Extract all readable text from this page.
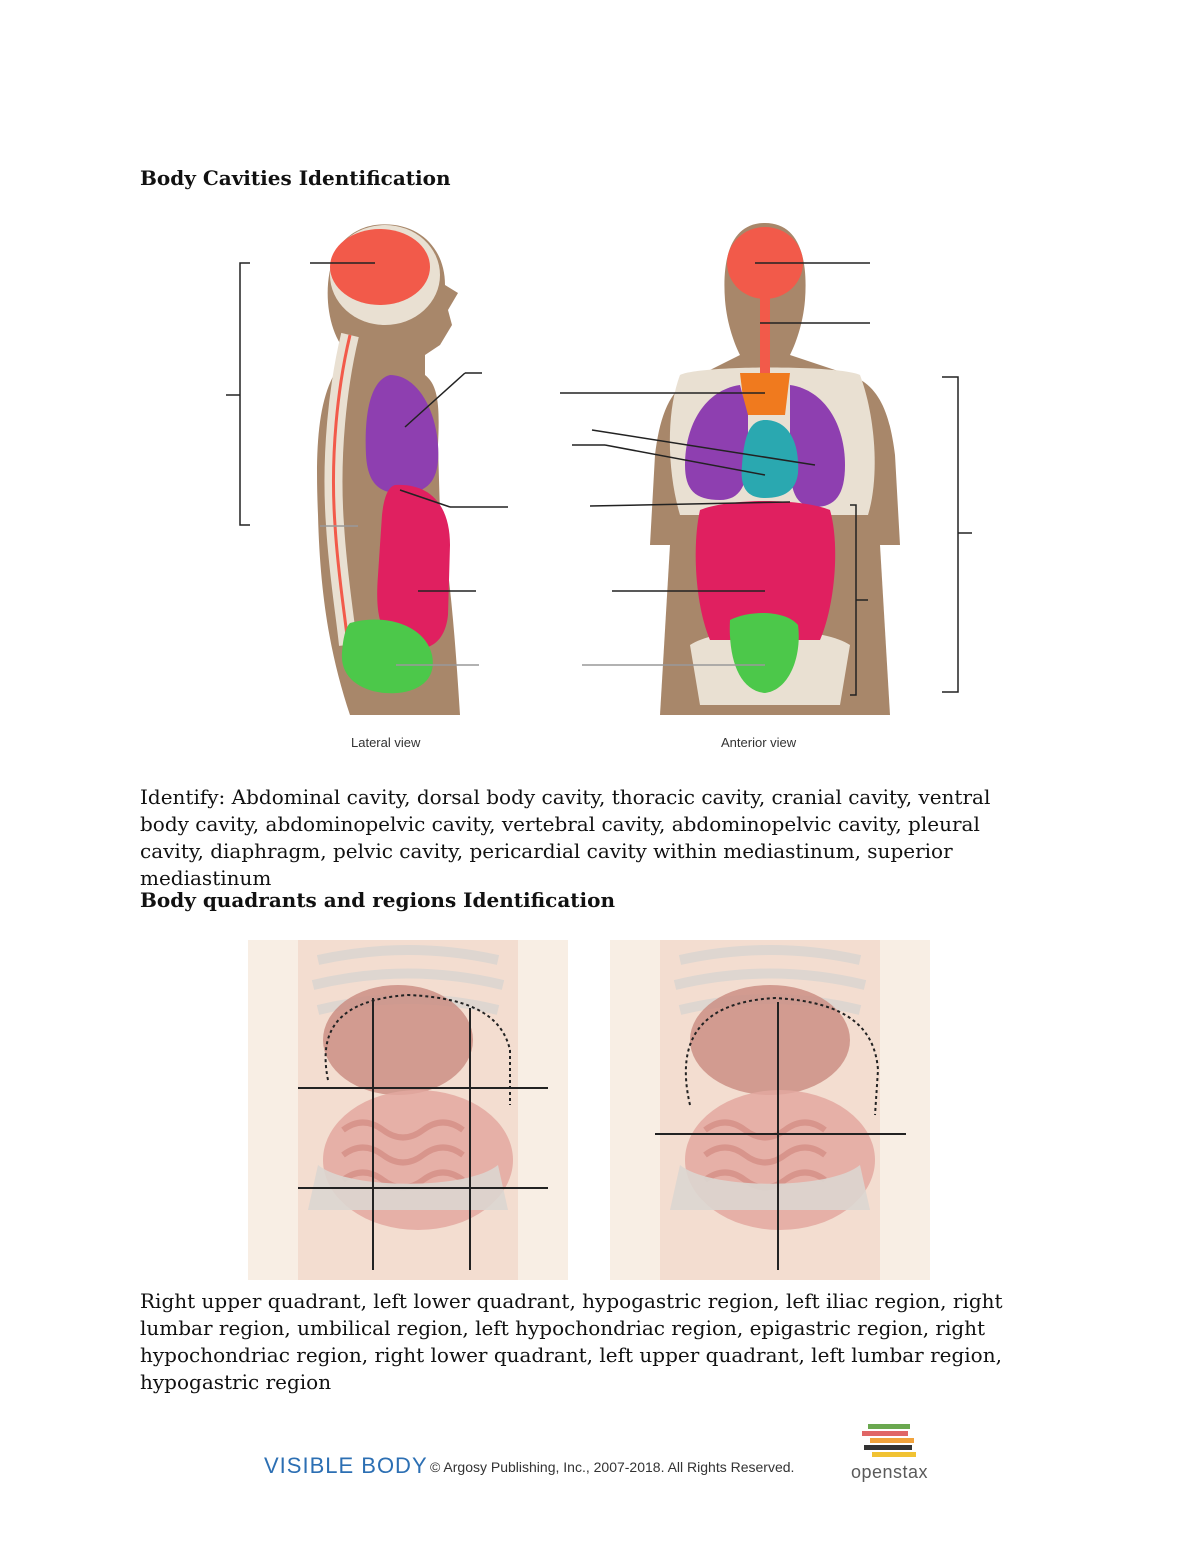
Body Cavities Identification
Lateral view	Anterior view
Identify: Abdominal cavity, dorsal body cavity, thoracic cavity, cranial cavity, ventral body cavity, abdominopelvic cavity, vertebral cavity, abdominopelvic cavity, pleural cavity, diaphragm, pelvic cavity, pericardial cavity within mediastinum, superior mediastinum
Body quadrants and regions Identification
Right upper quadrant, left lower quadrant, hypogastric region, left iliac region, right lumbar region, umbilical region, left hypochondriac region, epigastric region, right hypochondriac region, right lower quadrant, left upper quadrant, left lumbar region, hypogastric region
VISIBLE BODY © Argosy Publishing, Inc., 2007-2018. All Rights Reserved.	openstax
